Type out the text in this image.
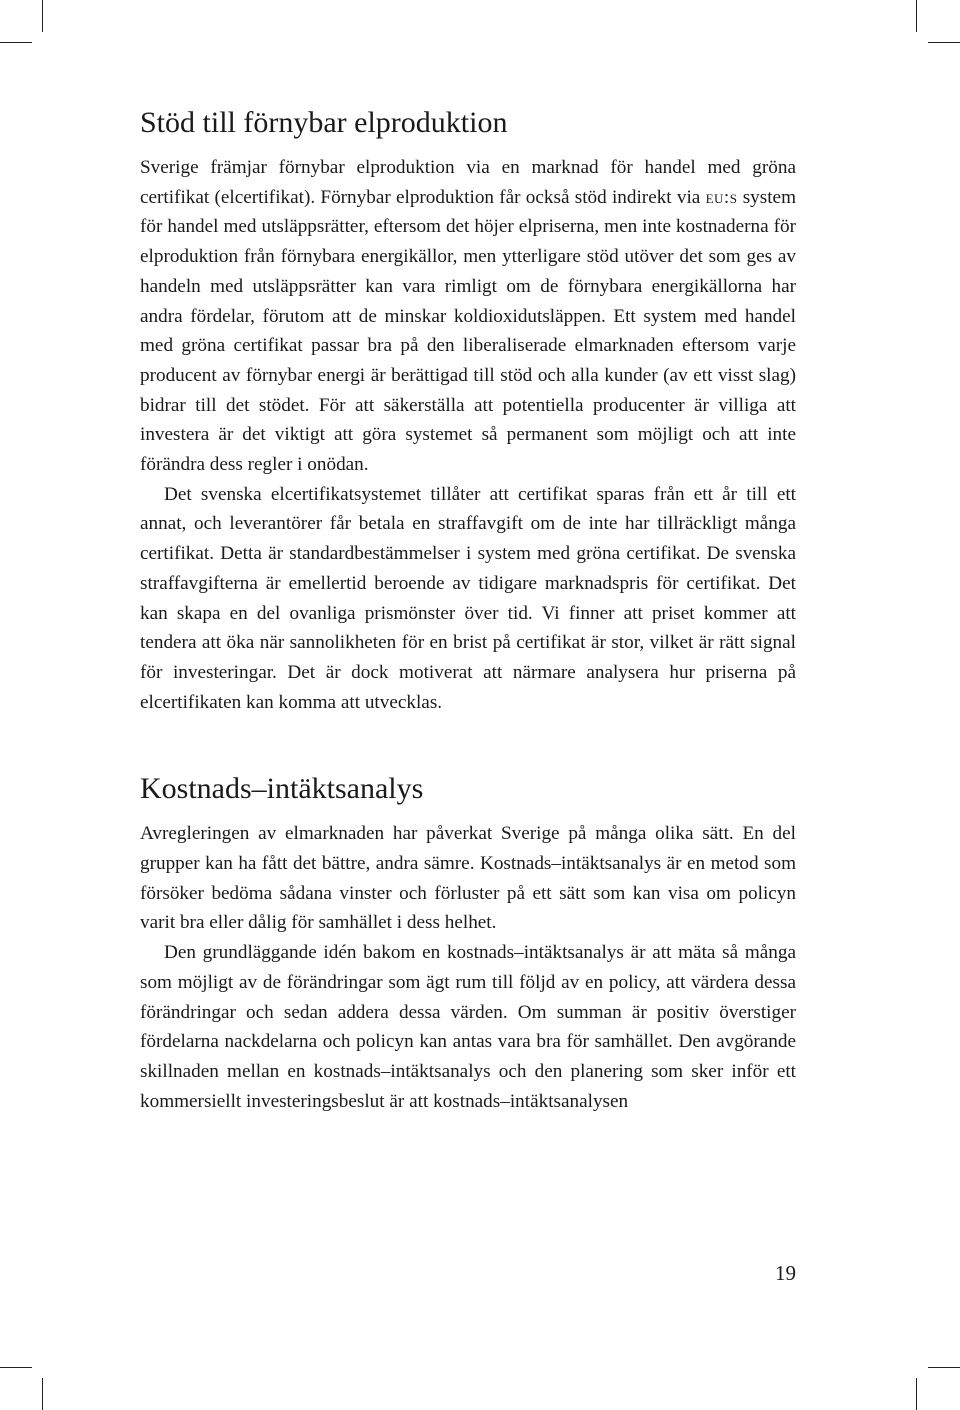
Stöd till förnybar elproduktion

Sverige främjar förnybar elproduktion via en marknad för handel med gröna certifikat (elcertifikat). Förnybar elproduktion får också stöd indirekt via eu:s system för handel med utsläppsrätter, eftersom det höjer elpriserna, men inte kostnaderna för elproduktion från förnybara energikällor, men ytterligare stöd utöver det som ges av handeln med utsläppsrätter kan vara rimligt om de förnybara energikällorna har andra fördelar, förutom att de minskar koldioxidutsläppen. Ett system med handel med gröna certifikat passar bra på den liberaliserade elmarknaden eftersom varje producent av förnybar energi är berättigad till stöd och alla kunder (av ett visst slag) bidrar till det stödet. För att säkerställa att potentiella producenter är villiga att investera är det viktigt att göra systemet så permanent som möjligt och att inte förändra dess regler i onödan.

Det svenska elcertifikatsystemet tillåter att certifikat sparas från ett år till ett annat, och leverantörer får betala en straffavgift om de inte har tillräckligt många certifikat. Detta är standardbestämmelser i system med gröna certifikat. De svenska straffavgifterna är emellertid beroende av tidigare marknadspris för certifikat. Det kan skapa en del ovanliga prismönster över tid. Vi finner att priset kommer att tendera att öka när sannolikheten för en brist på certifikat är stor, vilket är rätt signal för investeringar. Det är dock motiverat att närmare analysera hur priserna på elcertifikaten kan komma att utvecklas.

Kostnads–intäktsanalys

Avregleringen av elmarknaden har påverkat Sverige på många olika sätt. En del grupper kan ha fått det bättre, andra sämre. Kostnads–intäktsanalys är en metod som försöker bedöma sådana vinster och förluster på ett sätt som kan visa om policyn varit bra eller dålig för samhället i dess helhet.

Den grundläggande idén bakom en kostnads–intäktsanalys är att mäta så många som möjligt av de förändringar som ägt rum till följd av en policy, att värdera dessa förändringar och sedan addera dessa värden. Om summan är positiv överstiger fördelarna nackdelarna och policyn kan antas vara bra för samhället. Den avgörande skillnaden mellan en kostnads–intäktsanalys och den planering som sker inför ett kommersiellt investeringsbeslut är att kostnads–intäktsanalysen

19
